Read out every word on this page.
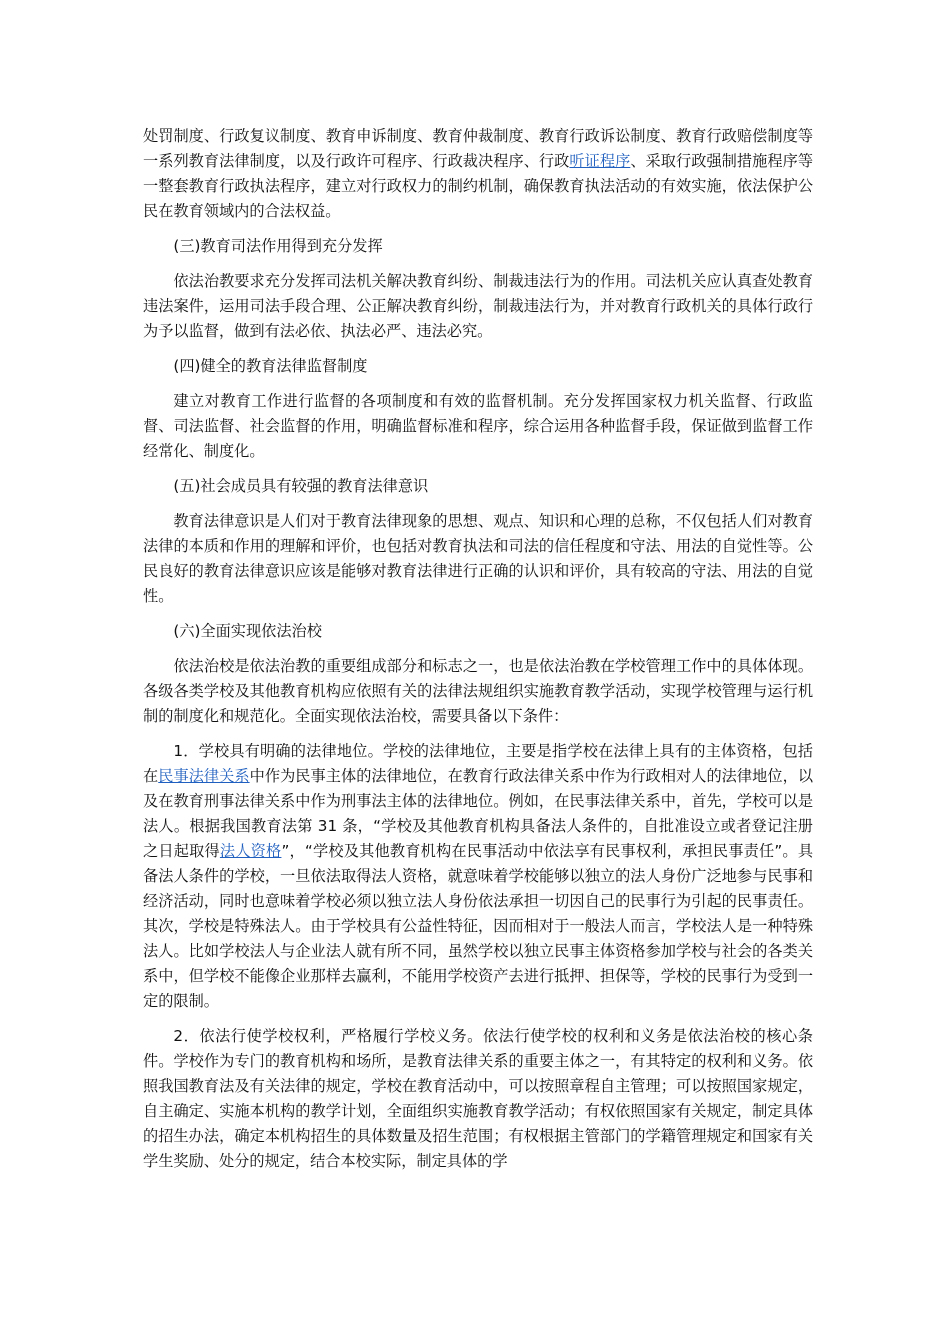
处罚制度、行政复议制度、教育申诉制度、教育仲裁制度、教育行政诉讼制度、教育行政赔偿制度等一系列教育法律制度，以及行政许可程序、行政裁决程序、行政听证程序、采取行政强制措施程序等一整套教育行政执法程序，建立对行政权力的制约机制，确保教育执法活动的有效实施，依法保护公民在教育领域内的合法权益。

(三)教育司法作用得到充分发挥

依法治教要求充分发挥司法机关解决教育纠纷、制裁违法行为的作用。司法机关应认真查处教育违法案件，运用司法手段合理、公正解决教育纠纷，制裁违法行为，并对教育行政机关的具体行政行为予以监督，做到有法必依、执法必严、违法必究。

(四)健全的教育法律监督制度

建立对教育工作进行监督的各项制度和有效的监督机制。充分发挥国家权力机关监督、行政监督、司法监督、社会监督的作用，明确监督标准和程序，综合运用各种监督手段，保证做到监督工作经常化、制度化。

(五)社会成员具有较强的教育法律意识

教育法律意识是人们对于教育法律现象的思想、观点、知识和心理的总称，不仅包括人们对教育法律的本质和作用的理解和评价，也包括对教育执法和司法的信任程度和守法、用法的自觉性等。公民良好的教育法律意识应该是能够对教育法律进行正确的认识和评价，具有较高的守法、用法的自觉性。

(六)全面实现依法治校

依法治校是依法治教的重要组成部分和标志之一，也是依法治教在学校管理工作中的具体体现。各级各类学校及其他教育机构应依照有关的法律法规组织实施教育教学活动，实现学校管理与运行机制的制度化和规范化。全面实现依法治校，需要具备以下条件：

1．学校具有明确的法律地位。学校的法律地位，主要是指学校在法律上具有的主体资格，包括在民事法律关系中作为民事主体的法律地位，在教育行政法律关系中作为行政相对人的法律地位，以及在教育刑事法律关系中作为刑事法主体的法律地位。例如，在民事法律关系中，首先，学校可以是法人。根据我国教育法第 31 条，“学校及其他教育机构具备法人条件的，自批准设立或者登记注册之日起取得法人资格”，“学校及其他教育机构在民事活动中依法享有民事权利，承担民事责任”。具备法人条件的学校，一旦依法取得法人资格，就意味着学校能够以独立的法人身份广泛地参与民事和经济活动，同时也意味着学校必须以独立法人身份依法承担一切因自己的民事行为引起的民事责任。其次，学校是特殊法人。由于学校具有公益性特征，因而相对于一般法人而言，学校法人是一种特殊法人。比如学校法人与企业法人就有所不同，虽然学校以独立民事主体资格参加学校与社会的各类关系中，但学校不能像企业那样去赢利，不能用学校资产去进行抵押、担保等，学校的民事行为受到一定的限制。

2．依法行使学校权利，严格履行学校义务。依法行使学校的权利和义务是依法治校的核心条件。学校作为专门的教育机构和场所，是教育法律关系的重要主体之一，有其特定的权利和义务。依照我国教育法及有关法律的规定，学校在教育活动中，可以按照章程自主管理；可以按照国家规定，自主确定、实施本机构的教学计划，全面组织实施教育教学活动；有权依照国家有关规定，制定具体的招生办法，确定本机构招生的具体数量及招生范围；有权根据主管部门的学籍管理规定和国家有关学生奖励、处分的规定，结合本校实际，制定具体的学
